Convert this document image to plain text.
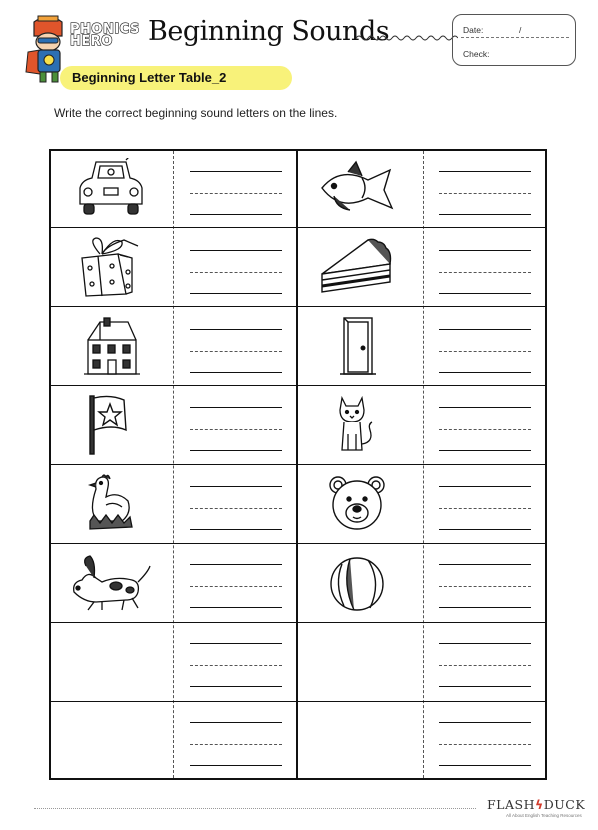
PHONICS
HERO	Beginning Sounds	Date:	/
Check:
Beginning Letter Table_2
Write the correct beginning sound letters on the lines.
FLASHϟDUCK
All About English Teaching Resources
